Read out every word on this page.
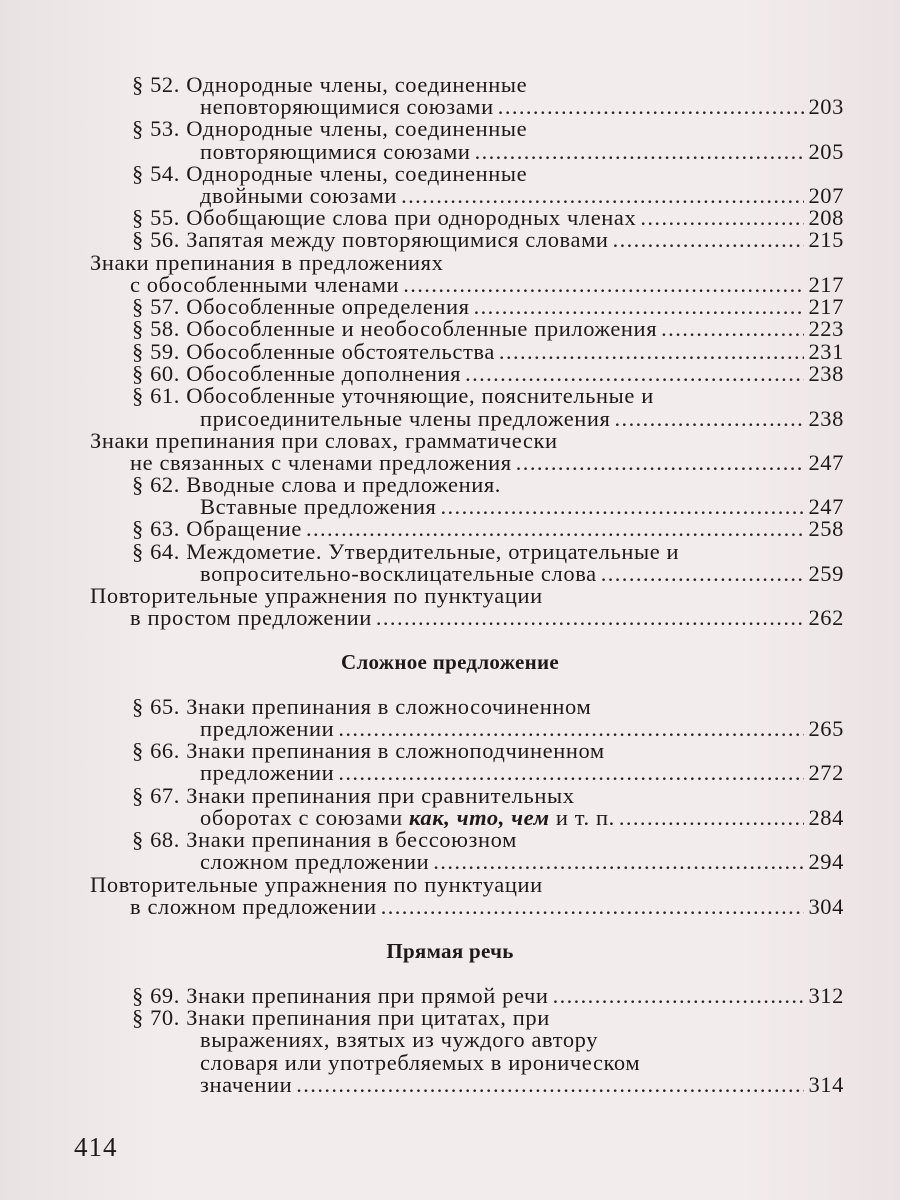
§ 52. Однородные члены, соединенные
неповторяющимися союзами .....	203
§ 53. Однородные члены, соединенные
повторяющимися союзами .....	205
§ 54. Однородные члены, соединенные
двойными союзами .....	207
§ 55. Обобщающие слова при однородных членах .....	208
§ 56. Запятая между повторяющимися словами .....	215
Знаки препинания в предложениях
с обособленными членами .....	217
§ 57. Обособленные определения .....	217
§ 58. Обособленные и необособленные приложения .....	223
§ 59. Обособленные обстоятельства .....	231
§ 60. Обособленные дополнения .....	238
§ 61. Обособленные уточняющие, пояснительные и
присоединительные члены предложения .....	238
Знаки препинания при словах, грамматически
не связанных с членами предложения .....	247
§ 62. Вводные слова и предложения.
Вставные предложения .....	247
§ 63. Обращение .....	258
§ 64. Междометие. Утвердительные, отрицательные и
вопросительно-восклицательные слова .....	259
Повторительные упражнения по пунктуации
в простом предложении .....	262
Сложное предложение
§ 65. Знаки препинания в сложносочиненном
предложении .....	265
§ 66. Знаки препинания в сложноподчиненном
предложении .....	272
§ 67. Знаки препинания при сравнительных
оборотах с союзами как, что, чем и т. п. .....	284
§ 68. Знаки препинания в бессоюзном
сложном предложении .....	294
Повторительные упражнения по пунктуации
в сложном предложении .....	304
Прямая речь
§ 69. Знаки препинания при прямой речи .....	312
§ 70. Знаки препинания при цитатах, при
выражениях, взятых из чуждого автору
словаря или употребляемых в ироническом
значении .....	314
414
